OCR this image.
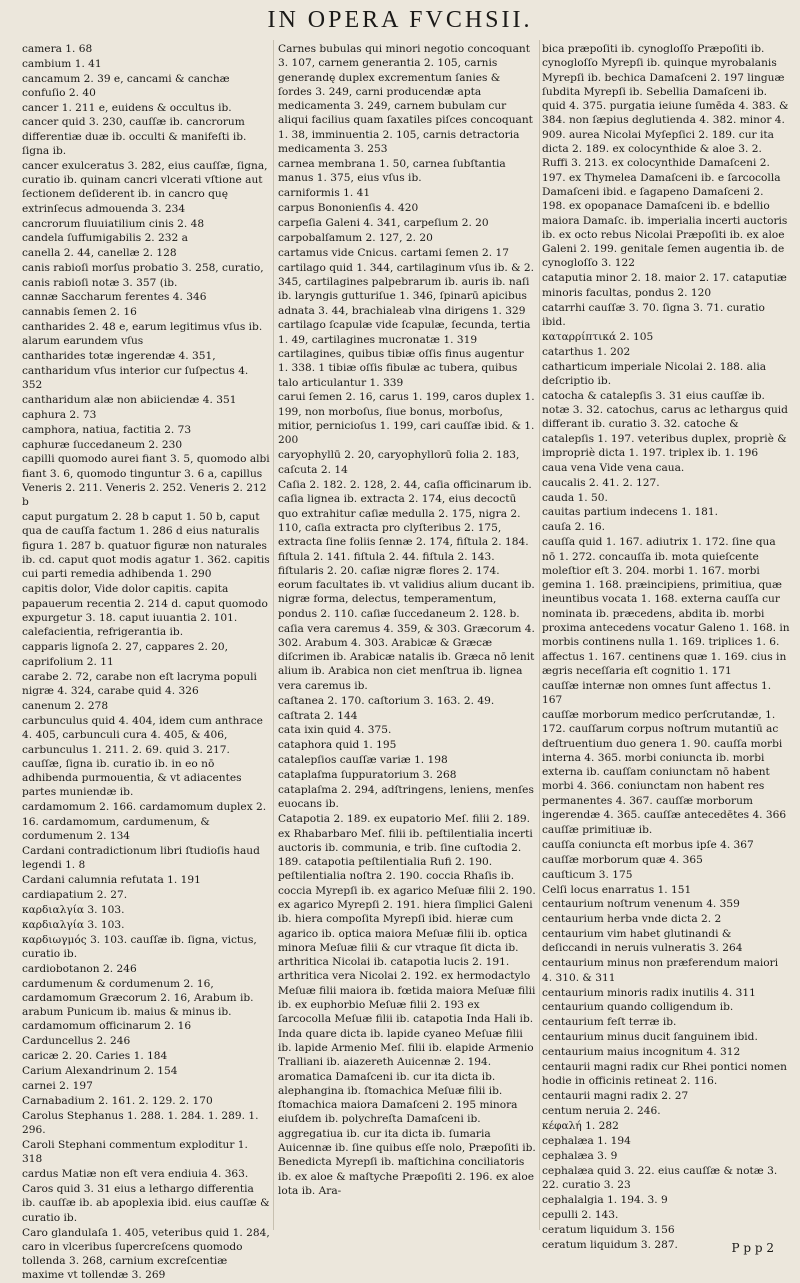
IN OPERA FVCHSII.

camera 1. 68

cambium 1. 41

cancamum 2. 39 e, cancami & canchæ confuſio 2. 40

cancer 1. 211 e, euidens & occultus ib. cancer quid 3. 230, cauſſæ ib. cancrorum differentiæ duæ ib. occulti & manifeſti ib. ſigna ib.

cancer exulceratus 3. 282, eius cauſſæ, ſigna, curatio ib. quinam cancri vlcerati vſtione aut ſectionem deſiderent ib. in cancro quę extrinſecus admouenda 3. 234

cancrorum fluuiatilium cinis 2. 48

candela ſuffumigabilis 2. 232 a

canella 2. 44, canellæ 2. 128

canis rabioſi morſus probatio 3. 258, curatio, canis rabioſi notæ 3. 357 (ib.

cannæ Saccharum ferentes 4. 346

cannabis ſemen 2. 16

cantharides 2. 48 e, earum legitimus vſus ib. alarum earundem vſus

cantharides totæ ingerendæ 4. 351, cantharidum vſus interior cur ſuſpectus 4. 352

cantharidum alæ non abiiciendæ 4. 351

caphura 2. 73

camphora, natiua, factitia 2. 73

caphuræ ſuccedaneum 2. 230

capilli quomodo aurei fiant 3. 5, quomodo albi fiant 3. 6, quomodo tinguntur 3. 6 a, capillus Veneris 2. 211. Veneris 2. 252. Veneris 2. 212 b

caput purgatum 2. 28 b caput 1. 50 b, caput qua de cauſſa factum 1. 286 d eius naturalis figura 1. 287 b. quatuor figuræ non naturales ib. cd. caput quot modis agatur 1. 362. capitis cui parti remedia adhibenda 1. 290

capitis dolor, Vide dolor capitis. capita papauerum recentia 2. 214 d. caput quomodo expurgetur 3. 18. caput iuuantia 2. 101. calefacientia, refrigerantia ib.

capparis lignoſa 2. 27, cappares 2. 20,

caprifolium 2. 11

carabe 2. 72, carabe non eſt lacryma populi nigræ 4. 324, carabe quid 4. 326

canenum 2. 278

carbunculus quid 4. 404, idem cum anthrace 4. 405, carbunculi cura 4. 405, & 406, carbunculus 1. 211. 2. 69. quid 3. 217. cauſſæ, ſigna ib. curatio ib. in eo nō adhibenda purmouentia, & vt adiacentes partes muniendæ ib.

cardamomum 2. 166. cardamomum duplex 2. 16. cardamomum, cardumenum, & cordumenum 2. 134

Cardani contradictionum libri ſtudioſis haud legendi 1. 8

Cardani calumnia refutata 1. 191

cardiapatium 2. 27.

καρδιαλγία 3. 103.

καρδιαλγία 3. 103.

καρδιωγμός 3. 103. cauſſæ ib. ſigna, victus, curatio ib.

cardiobotanon 2. 246

cardumenum & cordumenum 2. 16, cardamomum Græcorum 2. 16, Arabum ib. arabum Punicum ib. maius & minus ib. cardamomum officinarum 2. 16

Carduncellus 2. 246

caricæ 2. 20. Caries 1. 184

Carium Alexandrinum 2. 154

carnei 2. 197

Carnabadium 2. 161. 2. 129. 2. 170

Carolus Stephanus 1. 288. 1. 284. 1. 289. 1. 296.

Caroli Stephani commentum exploditur 1. 318

cardus Matiæ non eſt vera endiuia 4. 363.

Caros quid 3. 31 eius a lethargo differentia ib. cauſſæ ib. ab apoplexia ibid. eius cauſſæ & curatio ib.

Caro glandulaſa 1. 405, veteribus quid 1. 284, caro in vlceribus ſupercreſcens quomodo tollenda 3. 268, carnium excreſcentiæ maxime vt tollendæ 3. 269

Carnes bubulas qui minori negotio concoquant 3. 107, carnem generantia 2. 105, carnis generandę duplex excrementum ſanies & ſordes 3. 249, carni producendæ apta medicamenta 3. 249, carnem bubulam cur aliqui facilius quam ſaxatiles piſces concoquant 1. 38, imminuentia 2. 105, carnis detractoria medicamenta 3. 253

carnea membrana 1. 50, carnea ſubſtantia manus 1. 375, eius vſus ib.

carniformis 1. 41

carpus Bononienſis 4. 420

carpeſia Galeni 4. 341, carpeſium 2. 20

carpobalſamum 2. 127, 2. 20

cartamus vide Cnicus. cartami ſemen 2. 17

cartilago quid 1. 344, cartilaginum vſus ib. & 2. 345, cartilagines palpebrarum ib. auris ib. naſi ib. laryngis gutturiſue 1. 346, ſpinarū apicibus adnata 3. 44, brachialeab vlna dirigens 1. 329

cartilago ſcapulæ vide ſcapulæ, ſecunda, tertia 1. 49, cartilagines mucronatæ 1. 319 cartilagines, quibus tibiæ oſſis finus augentur 1. 338. 1 tibiæ oſſis fibulæ ac tubera, quibus talo articulantur 1. 339

carui ſemen 2. 16, carus 1. 199, caros duplex 1. 199, non morboſus, ſiue bonus, morboſus, mitior, pernicioſus 1. 199, cari cauſſæ ibid. & 1. 200

caryophyllū 2. 20, caryophyllorū folia 2. 183,

caſcuta 2. 14

Caſia 2. 182. 2. 128, 2. 44, caſia officinarum ib. caſia lignea ib. extracta 2. 174, eius decoctū quo extrahitur caſiæ medulla 2. 175, nigra 2. 110, caſia extracta pro clyſteribus 2. 175, extracta ſine foliis ſennæ 2. 174, fiſtula 2. 184. fiſtula 2. 141. fiſtula 2. 44. fiſtula 2. 143. fiſtularis 2. 20. caſiæ nigræ flores 2. 174. eorum facultates ib. vt validius alium ducant ib. nigræ forma, delectus, temperamentum, pondus 2. 110. caſiæ ſuccedaneum 2. 128. b.

caſia vera caremus 4. 359, & 303. Græcorum 4. 302. Arabum 4. 303. Arabicæ & Græcæ diſcrimen ib. Arabicæ natalis ib. Græca nō lenit alium ib. Arabica non ciet menſtrua ib. lignea vera caremus ib.

caſtanea 2. 170. caſtorium 3. 163. 2. 49.

caſtrata 2. 144

cata ixin quid 4. 375.

cataphora quid 1. 195

catalepſios cauſſæ variæ 1. 198

cataplaſma ſuppuratorium 3. 268

cataplaſma 2. 294, adſtringens, leniens, menſes euocans ib.

Catapotia 2. 189. ex eupatorio Meſ. filii 2. 189. ex Rhabarbaro Meſ. filii ib. peſtilentialia incerti auctoris ib. communia, e trib. ſine cuſtodia 2. 189. catapotia peſtilentialia Rufi 2. 190. peſtilentialia noſtra 2. 190. coccia Rhaſis ib. coccia Myrepſi ib. ex agarico Meſuæ filii 2. 190. ex agarico Myrepſi 2. 191. hiera ſimplici Galeni ib. hiera compoſita Myrepſi ibid. hieræ cum agarico ib. optica maiora Meſuæ filii ib. optica minora Meſuæ filii & cur vtraque ſit dicta ib. arthritica Nicolai ib. catapotia lucis 2. 191. arthritica vera Nicolai 2. 192. ex hermodactylo Meſuæ filii maiora ib. fœtida maiora Meſuæ filii ib. ex euphorbio Meſuæ filii 2. 193 ex ſarcocolla Meſuæ filii ib. catapotia Inda Hali ib. Inda quare dicta ib. lapide cyaneo Meſuæ filii ib. lapide Armenio Meſ. filii ib. elapide Armenio Tralliani ib. aiazereth Auicennæ 2. 194. aromatica Damaſceni ib. cur ita dicta ib. alephangina ib. ſtomachica Meſuæ filii ib. ſtomachica maiora Damaſceni 2. 195 minora eiuſdem ib. polychreſta Damaſceni ib. aggregatiua ib. cur ita dicta ib. ſumaria Auicennæ ib. ſine quibus eſſe nolo, Præpoſiti ib. Benedicta Myrepſi ib. maſtichina conciliatoris ib. ex aloe & maſtyche Præpoſiti 2. 196. ex aloe lota ib. Ara-

bica præpoſiti ib. cynogloſſo Præpoſiti ib. cynogloſſo Myrepſi ib. quinque myrobalanis Myrepſi ib. bechica Damaſceni 2. 197 linguæ ſubdita Myrepſi ib. Sebellia Damaſceni ib. quid 4. 375. purgatia ieiune ſumēda 4. 383. & 384. non ſæpius deglutienda 4. 382. minor 4. 909. aurea Nicolai Myſepſici 2. 189. cur ita dicta 2. 189. ex colocynthide & aloe 3. 2. Ruffi 3. 213. ex colocynthide Damaſceni 2. 197. ex Thymelea Damaſceni ib. e ſarcocolla Damaſceni ibid. e ſagapeno Damaſceni 2. 198. ex opopanace Damaſceni ib. e bdellio maiora Damaſc. ib. imperialia incerti auctoris ib. ex octo rebus Nicolai Præpoſiti ib. ex aloe Galeni 2. 199. genitale ſemen augentia ib. de cynogloſſo 3. 122

cataputia minor 2. 18. maior 2. 17. cataputiæ minoris facultas, pondus 2. 120

catarrhi cauſſæ 3. 70. ſigna 3. 71. curatio ibid.

καταρρίπτικά 2. 105

catarthus 1. 202

catharticum imperiale Nicolai 2. 188. alia deſcriptio ib.

catocha & catalepſis 3. 31 eius cauſſæ ib. notæ 3. 32. catochus, carus ac lethargus quid differant ib. curatio 3. 32. catoche & catalepſis 1. 197. veteribus duplex, propriè & impropriè dicta 1. 197. triplex ib. 1. 196

caua vena Vide vena caua.

caucalis 2. 41. 2. 127.

cauda 1. 50.

cauitas partium indecens 1. 181.

cauſa 2. 16.

cauſſa quid 1. 167. adiutrix 1. 172. ſine qua nō 1. 272. concauſſa ib. mota quieſcente moleſtior eſt 3. 204. morbi 1. 167. morbi gemina 1. 168. præincipiens, primitiua, quæ ineuntibus vocata 1. 168. externa cauſſa cur nominata ib. præcedens, abdita ib. morbi proxima antecedens vocatur Galeno 1. 168. in morbis continens nulla 1. 169. triplices 1. 6. affectus 1. 167. centinens quæ 1. 169. cius in ægris neceſſaria eſt cognitio 1. 171

cauſſæ internæ non omnes ſunt affectus 1. 167

cauſſæ morborum medico perſcrutandæ, 1. 172. cauſſarum corpus noſtrum mutantiū ac deſtruentium duo genera 1. 90. cauſſa morbi interna 4. 365. morbi coniuncta ib. morbi externa ib. cauſſam coniunctam nō habent morbi 4. 366. coniunctam non habent res permanentes 4. 367. cauſſæ morborum ingerendæ 4. 365. cauſſæ antecedētes 4. 366

cauſſæ primitiuæ ib.

cauſſa coniuncta eſt morbus ipſe 4. 367

cauſſæ morborum quæ 4. 365

cauſticum 3. 175

Celſi locus enarratus 1. 151

centaurium noſtrum venenum 4. 359

centaurium herba vnde dicta 2. 2

centaurium vim habet glutinandi & deſiccandi in neruis vulneratis 3. 264

centaurium minus non præferendum maiori 4. 310. & 311

centaurium minoris radix inutilis 4. 311

centaurium quando colligendum ib.

centaurium feſt terræ ib.

centaurium minus ducit ſanguinem ibid.

centaurium maius incognitum 4. 312

centaurii magni radix cur Rhei pontici nomen hodie in officinis retineat 2. 116.

centaurii magni radix 2. 27

centum neruia 2. 246.

κέφαλή 1. 282

cephalæa 1. 194

cephalæa 3. 9

cephalæa quid 3. 22. eius cauſſæ & notæ 3. 22. curatio 3. 23

cephalalgia 1. 194. 3. 9

cepulli 2. 143.

ceratum liquidum 3. 156

ceratum liquidum 3. 287.	P p p 2
